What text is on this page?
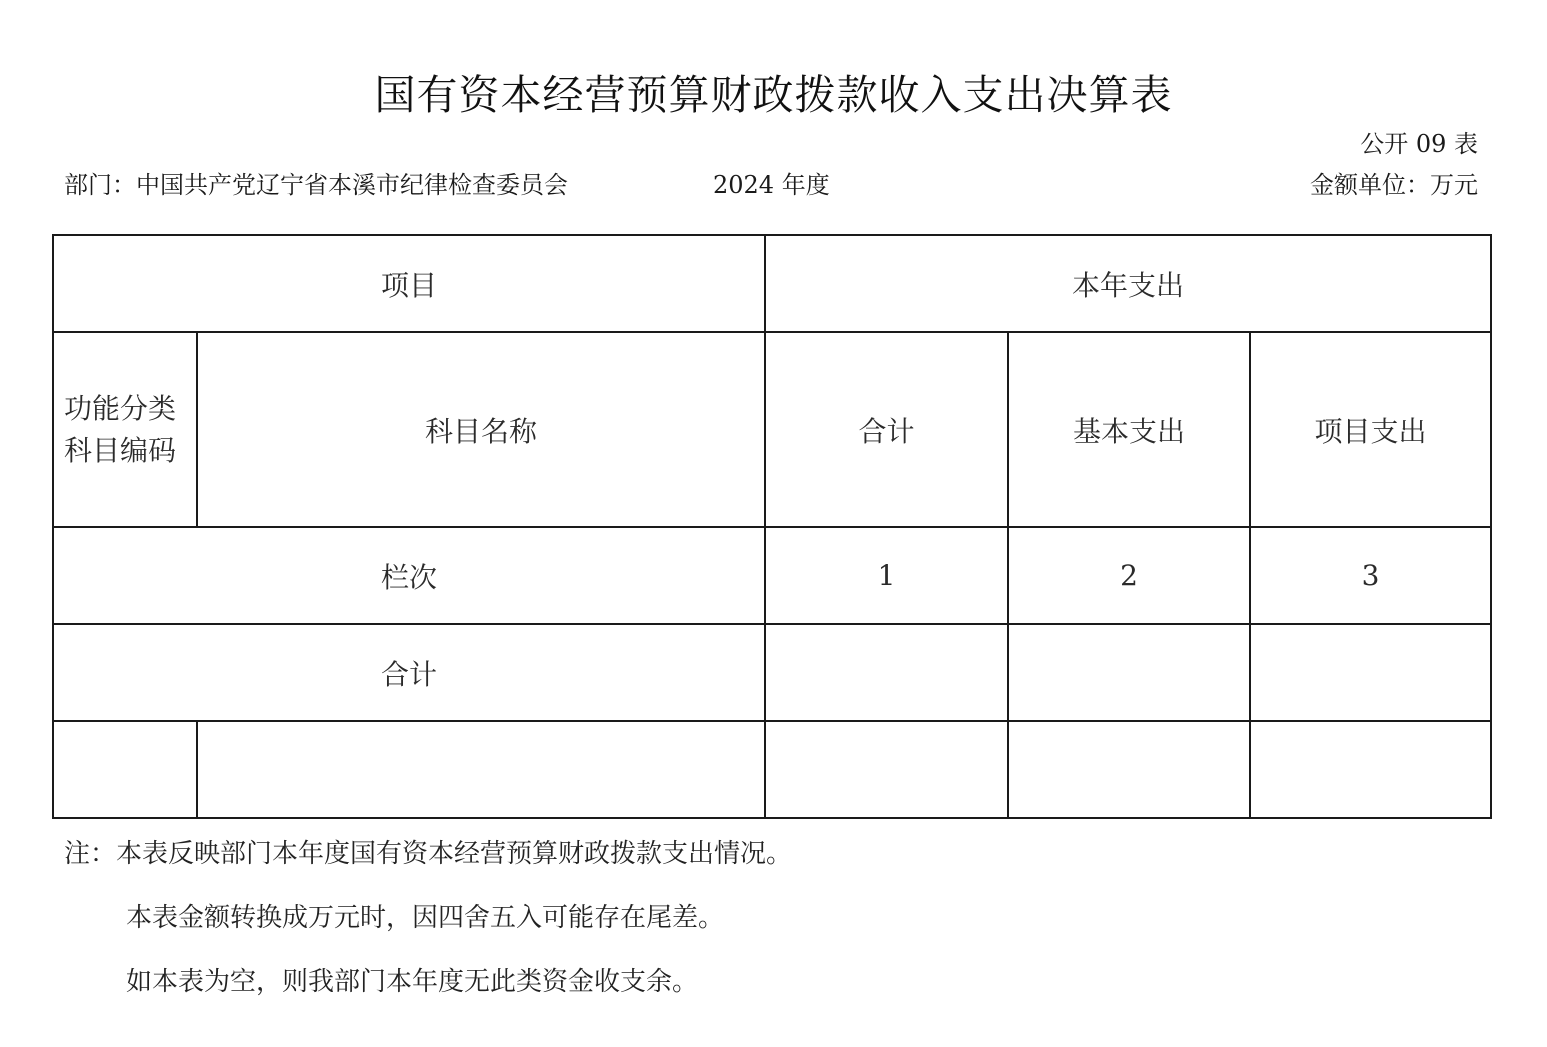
国有资本经营预算财政拨款收入支出决算表
公开 09 表
部门：中国共产党辽宁省本溪市纪律检查委员会	2024 年度	金额单位：万元
项目		本年支出		
功能分类科目编码	科目名称	合计	基本支出	项目支出
栏次		1	2	3
合计				

注：本表反映部门本年度国有资本经营预算财政拨款支出情况。
本表金额转换成万元时，因四舍五入可能存在尾差。
如本表为空，则我部门本年度无此类资金收支余。
